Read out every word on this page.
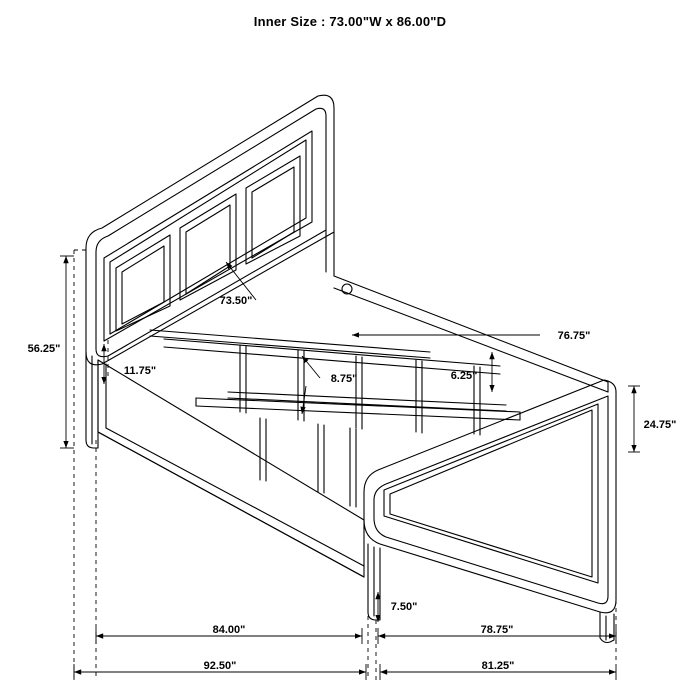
Inner Size : 73.00"W x 86.00"D
56.25"
11.75"
73.50"
8.75"	6.25"
76.75"
24.75"
7.50"
84.00"	78.75"
92.50"	81.25"
